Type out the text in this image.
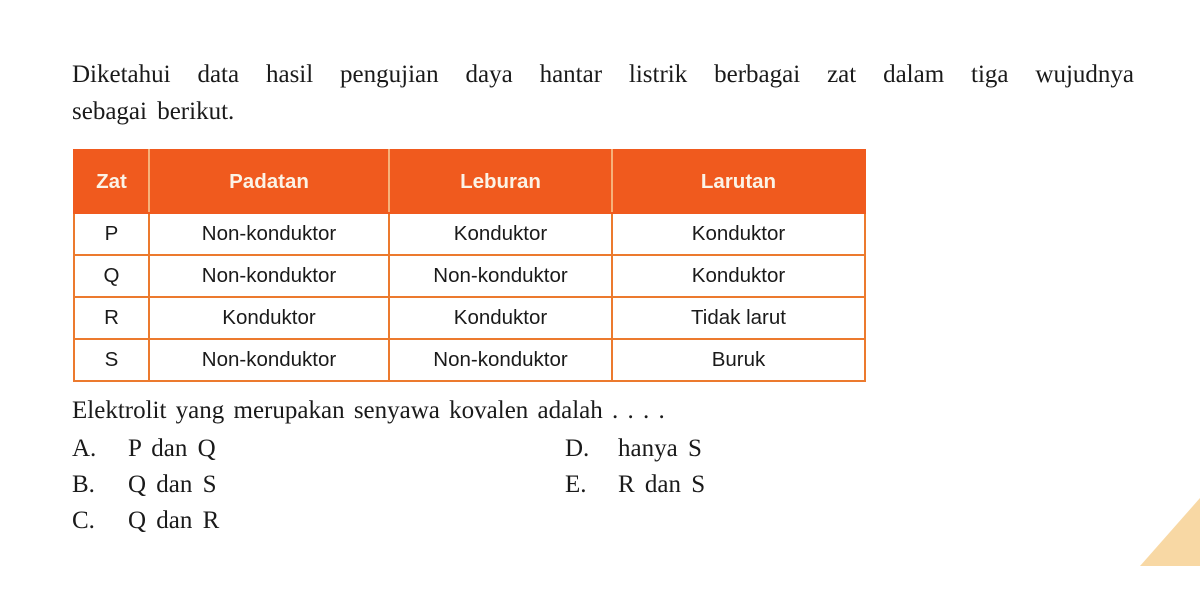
Diketahui data hasil pengujian daya hantar listrik berbagai zat dalam tiga wujudnya
sebagai berikut.

Zat	Padatan	Leburan	Larutan
P	Non-konduktor	Konduktor	Konduktor
Q	Non-konduktor	Non-konduktor	Konduktor
R	Konduktor	Konduktor	Tidak larut
S	Non-konduktor	Non-konduktor	Buruk

Elektrolit yang merupakan senyawa kovalen adalah . . . .

A. P dan Q
B. Q dan S
C. Q dan R
D. hanya S
E. R dan S
